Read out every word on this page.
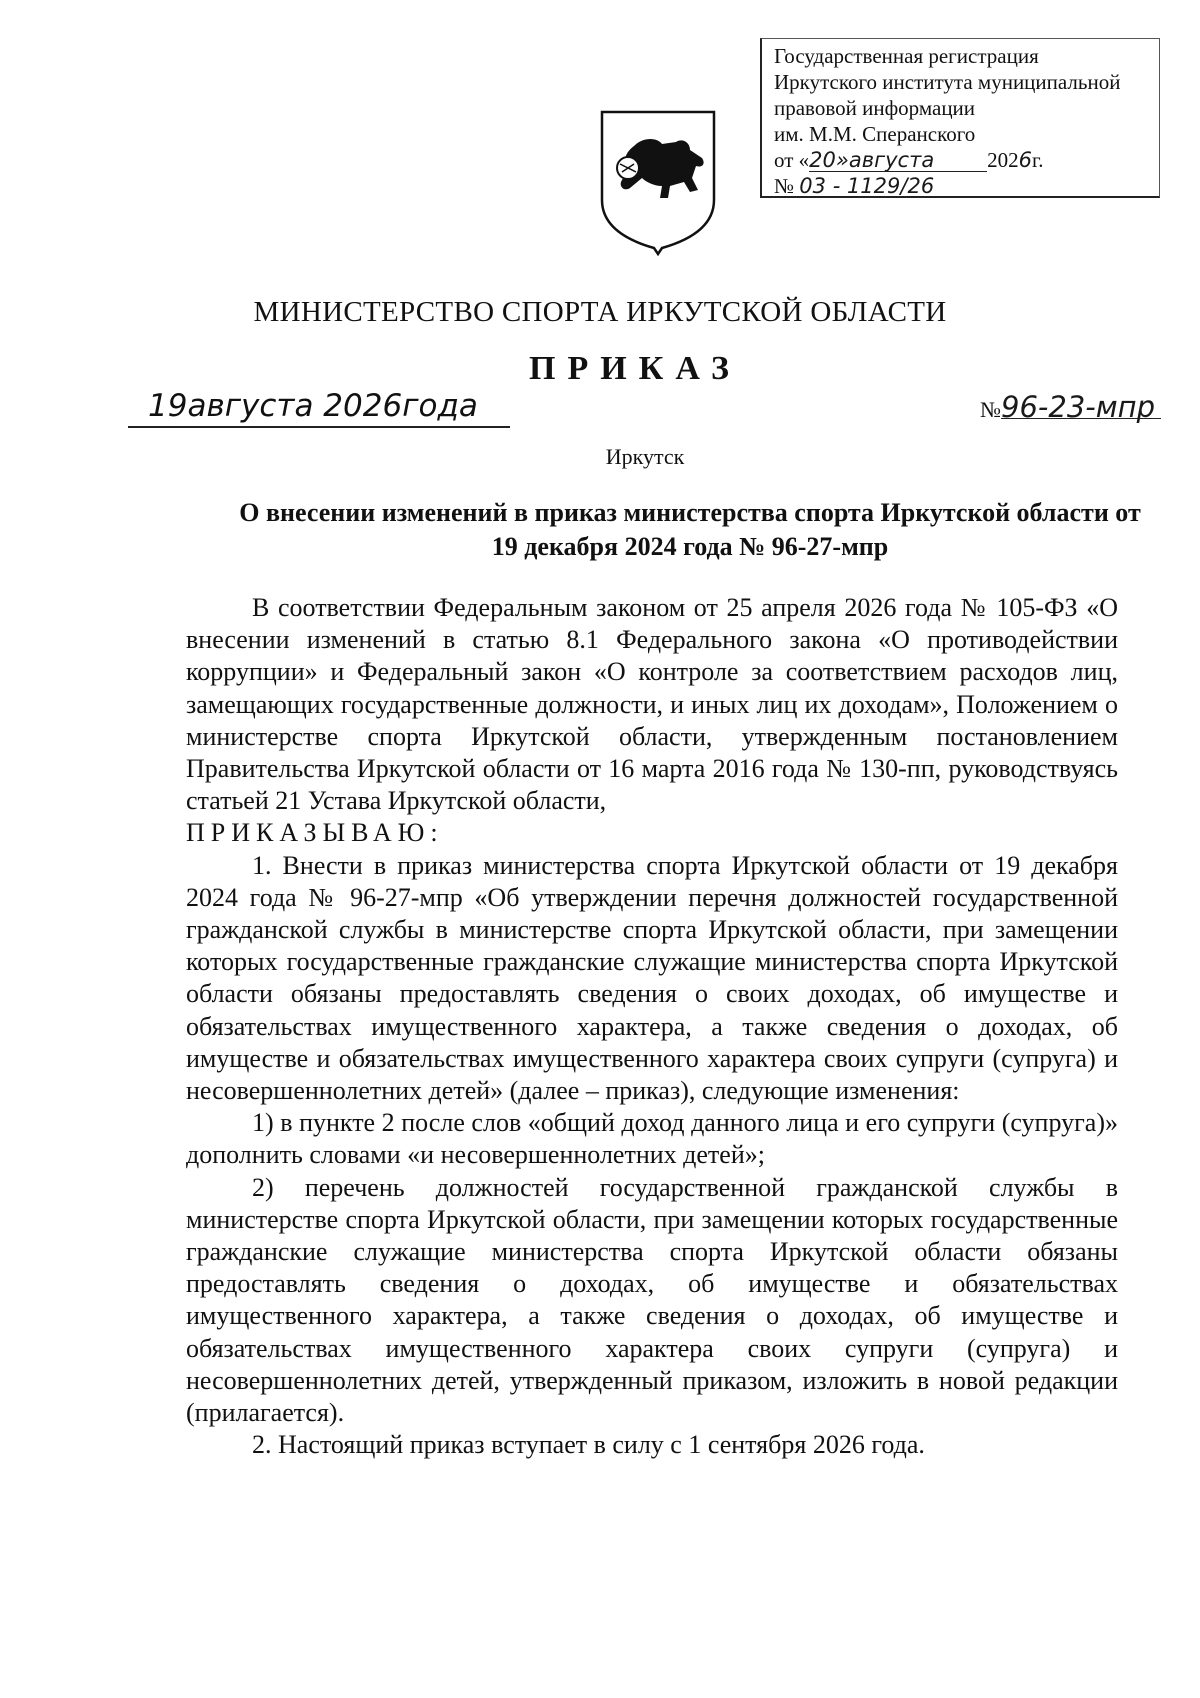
Государственная регистрация
Иркутского института муниципальной
правовой информации
им. М.М. Сперанского
от «20»августа	2026г.
№ 03 - 1129/26
МИНИСТЕРСТВО СПОРТА ИРКУТСКОЙ ОБЛАСТИ
ПРИКАЗ
19августа 2026года	№96-23-мпр
Иркутск
О внесении изменений в приказ министерства спорта Иркутской области от 19 декабря 2024 года № 96-27-мпр

В соответствии Федеральным законом от 25 апреля 2026 года № 105-ФЗ «О внесении изменений в статью 8.1 Федерального закона «О противодействии коррупции» и Федеральный закон «О контроле за соответствием расходов лиц, замещающих государственные должности, и иных лиц их доходам», Положением о министерстве спорта Иркутской области, утвержденным постановлением Правительства Иркутской области от 16 марта 2016 года № 130-пп, руководствуясь статьей 21 Устава Иркутской области,

ПРИКАЗЫВАЮ:

1. Внести в приказ министерства спорта Иркутской области от 19 декабря 2024 года № 96-27-мпр «Об утверждении перечня должностей государственной гражданской службы в министерстве спорта Иркутской области, при замещении которых государственные гражданские служащие министерства спорта Иркутской области обязаны предоставлять сведения о своих доходах, об имуществе и обязательствах имущественного характера, а также сведения о доходах, об имуществе и обязательствах имущественного характера своих супруги (супруга) и несовершеннолетних детей» (далее – приказ), следующие изменения:

1) в пункте 2 после слов «общий доход данного лица и его супруги (супруга)» дополнить словами «и несовершеннолетних детей»;

2) перечень должностей государственной гражданской службы в министерстве спорта Иркутской области, при замещении которых государственные гражданские служащие министерства спорта Иркутской области обязаны предоставлять сведения о доходах, об имуществе и обязательствах имущественного характера, а также сведения о доходах, об имуществе и обязательствах имущественного характера своих супруги (супруга) и несовершеннолетних детей, утвержденный приказом, изложить в новой редакции (прилагается).

2. Настоящий приказ вступает в силу с 1 сентября 2026 года.
